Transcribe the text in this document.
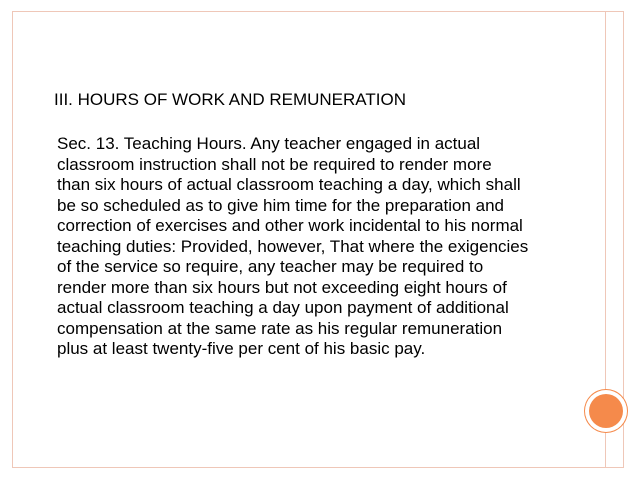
III. HOURS OF WORK AND REMUNERATION
Sec. 13. Teaching Hours. Any teacher engaged in actual
classroom instruction shall not be required to render more
than six hours of actual classroom teaching a day, which shall
be so scheduled as to give him time for the preparation and
correction of exercises and other work incidental to his normal
teaching duties: Provided, however, That where the exigencies
of the service so require, any teacher may be required to
render more than six hours but not exceeding eight hours of
actual classroom teaching a day upon payment of additional
compensation at the same rate as his regular remuneration
plus at least twenty-five per cent of his basic pay.
